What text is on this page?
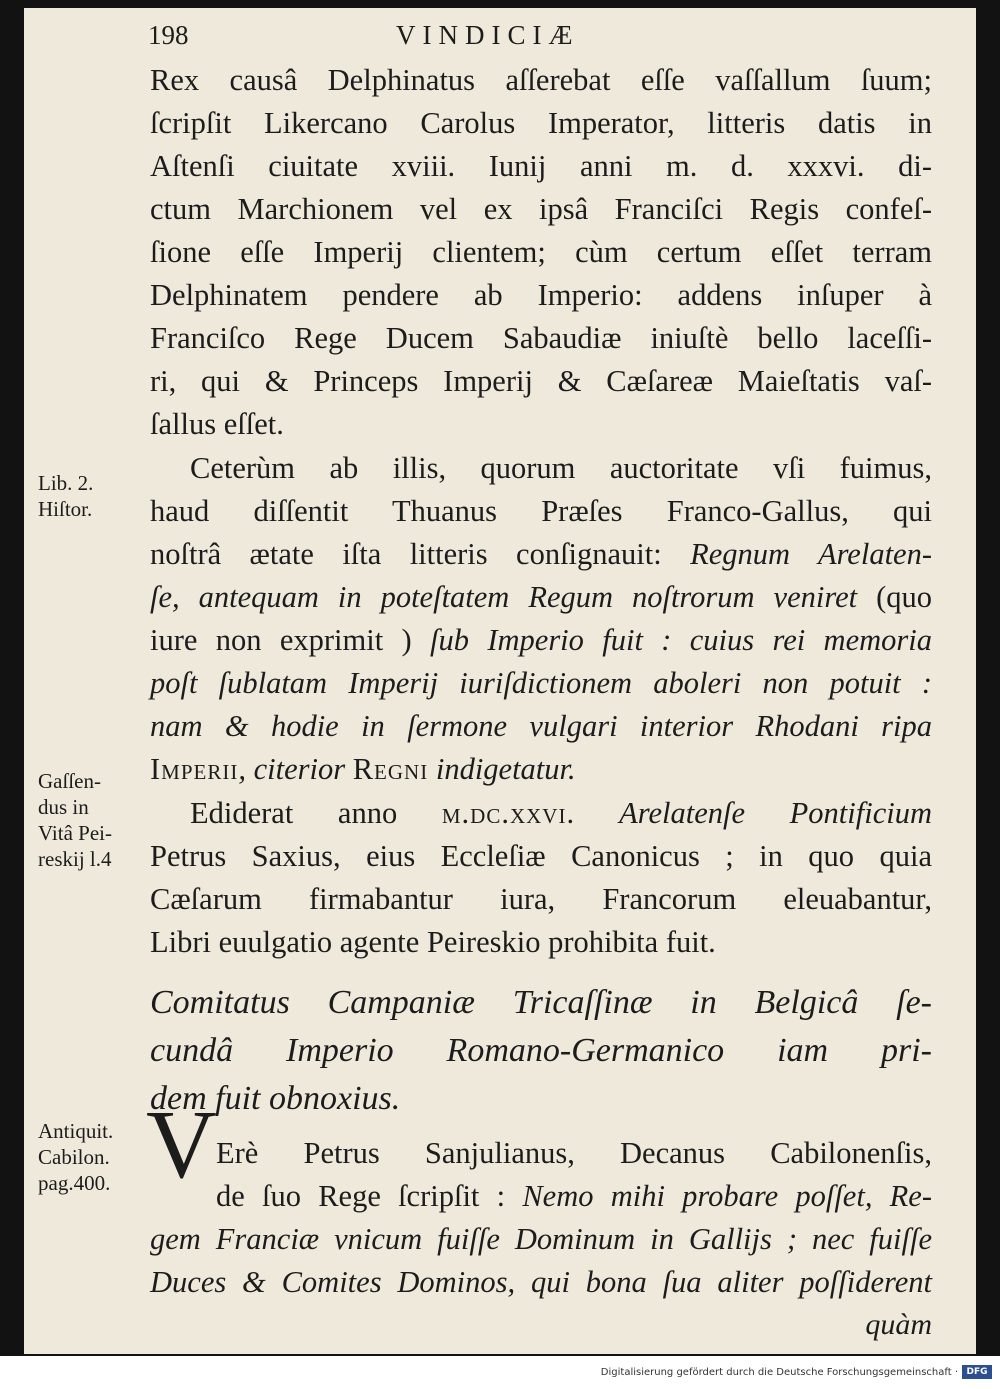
198	VINDICIÆ
Rex causâ Delphinatus aſſerebat eſſe vaſſallum ſuum;
ſcripſit Likercano Carolus Imperator, litteris datis in
Aſtenſi ciuitate xviii. Iunij anni m. d. xxxvi. di-
ctum Marchionem vel ex ipsâ Franciſci Regis confeſ-
ſione eſſe Imperij clientem; cùm certum eſſet terram
Delphinatem pendere ab Imperio: addens inſuper à
Franciſco Rege Ducem Sabaudiæ iniuſtè bello laceſſi-
ri, qui & Princeps Imperij & Cæſareæ Maieſtatis vaſ-
ſallus eſſet.
Ceterùm ab illis, quorum auctoritate vſi fuimus,
haud diſſentit Thuanus Præſes Franco-Gallus, qui
noſtrâ ætate iſta litteris conſignauit: Regnum Arelaten-
ſe, antequam in poteſtatem Regum noſtrorum veniret (quo
iure non exprimit ) ſub Imperio fuit : cuius rei memoria
poſt ſublatam Imperij iuriſdictionem aboleri non potuit :
nam & hodie in ſermone vulgari interior Rhodani ripa
Imperii, citerior Regni indigetatur.
Ediderat anno m.dc.xxvi. Arelatenſe Pontificium
Petrus Saxius, eius Eccleſiæ Canonicus ; in quo quia
Cæſarum firmabantur iura, Francorum eleuabantur,
Libri euulgatio agente Peireskio prohibita fuit.
Comitatus Campaniæ Tricaſſinæ in Belgicâ ſe-
cundâ Imperio Romano-Germanico iam pri-
dem fuit obnoxius.
V Erè Petrus Sanjulianus, Decanus Cabilonenſis,
de ſuo Rege ſcripſit : Nemo mihi probare poſſet, Re-
gem Franciæ vnicum fuiſſe Dominum in Gallijs ; nec fuiſſe
Duces & Comites Dominos, qui bona ſua aliter poſſiderent
quàm
Lib. 2.
Hiſtor.
Gaſſen-
dus in
Vitâ Pei-
reskij l.4
Antiquit.
Cabilon.
pag.400.
Digitalisierung gefördert durch die Deutsche Forschungsgemeinschaft · DFG
